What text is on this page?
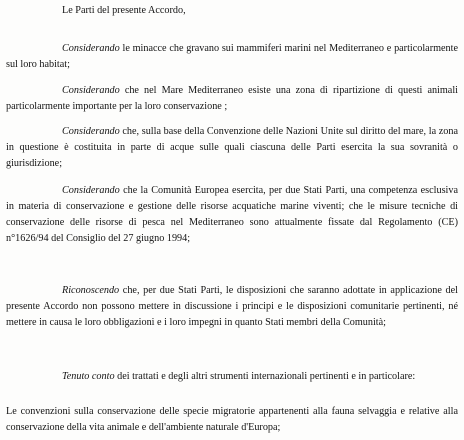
Le Parti del presente Accordo,

Considerando le minacce che gravano sui mammiferi marini nel Mediterraneo e particolarmente sul loro habitat;

Considerando che nel Mare Mediterraneo esiste una zona di ripartizione di questi animali particolarmente importante per la loro conservazione ;

Considerando che, sulla base della Convenzione delle Nazioni Unite sul diritto del mare, la zona in questione è costituita in parte di acque sulle quali ciascuna delle Parti esercita la sua sovranità o giurisdizione;

Considerando che la Comunità Europea esercita, per due Stati Parti, una competenza esclusiva in materia di conservazione e gestione delle risorse acquatiche marine viventi; che le misure tecniche di conservazione delle risorse di pesca nel Mediterraneo sono attualmente fissate dal Regolamento (CE) n°1626/94 del Consiglio del 27 giugno 1994;

Riconoscendo che, per due Stati Parti, le disposizioni che saranno adottate in applicazione del presente Accordo non possono mettere in discussione i principi e le disposizioni comunitarie pertinenti, né mettere in causa le loro obbligazioni e i loro impegni in quanto Stati membri della Comunità;

Tenuto conto dei trattati e degli altri strumenti internazionali pertinenti e in particolare:

Le convenzioni sulla conservazione delle specie migratorie appartenenti alla fauna selvaggia e relative alla conservazione della vita animale e dell'ambiente naturale d'Europa;
